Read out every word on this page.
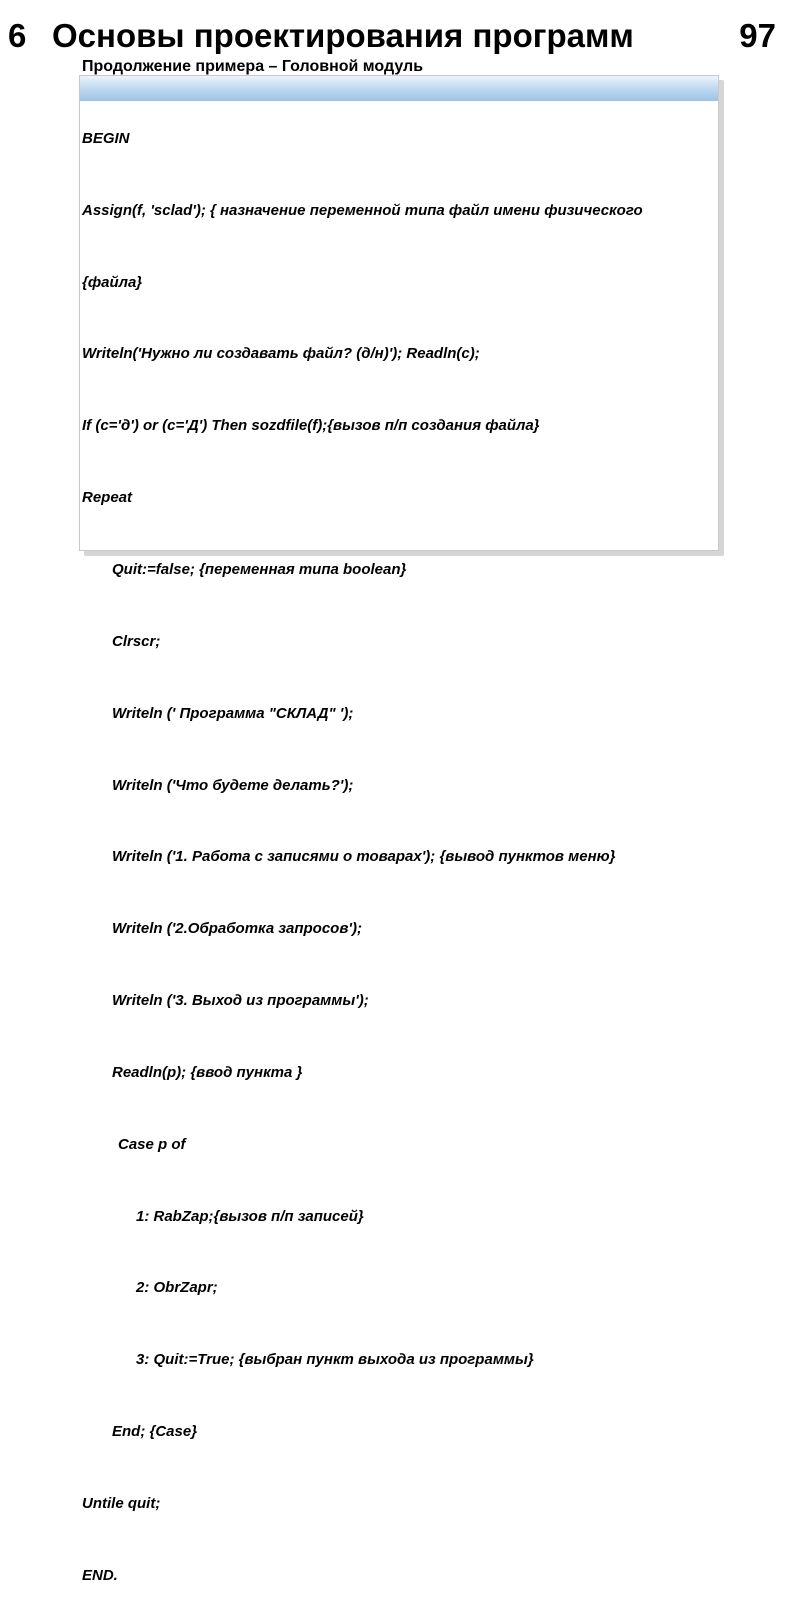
6 Основы проектирования программ	97
Продолжение примера – Головной модуль

BEGIN

Assign(f, 'sclad'); { назначение переменной типа файл имени физического

{файла}

Writeln('Нужно ли создавать файл? (д/н)'); Readln(c);

If (c='д') or (c='Д') Then sozdfile(f);{вызов п/п создания файла}

Repeat

Quit:=false; {переменная типа boolean}

Clrscr;

Writeln (' Программа "СКЛАД" ');

Writeln ('Что будете делать?');

Writeln ('1. Работа с записями о товарах'); {вывод пунктов меню}

Writeln ('2.Обработка запросов');

Writeln ('3. Выход из программы');

Readln(p); {ввод пункта }

Case p of

1: RabZap;{вызов п/п записей}

2: ObrZapr;

3: Quit:=True; {выбран пункт выхода из программы}

End; {Case}

Untile quit;

END.
